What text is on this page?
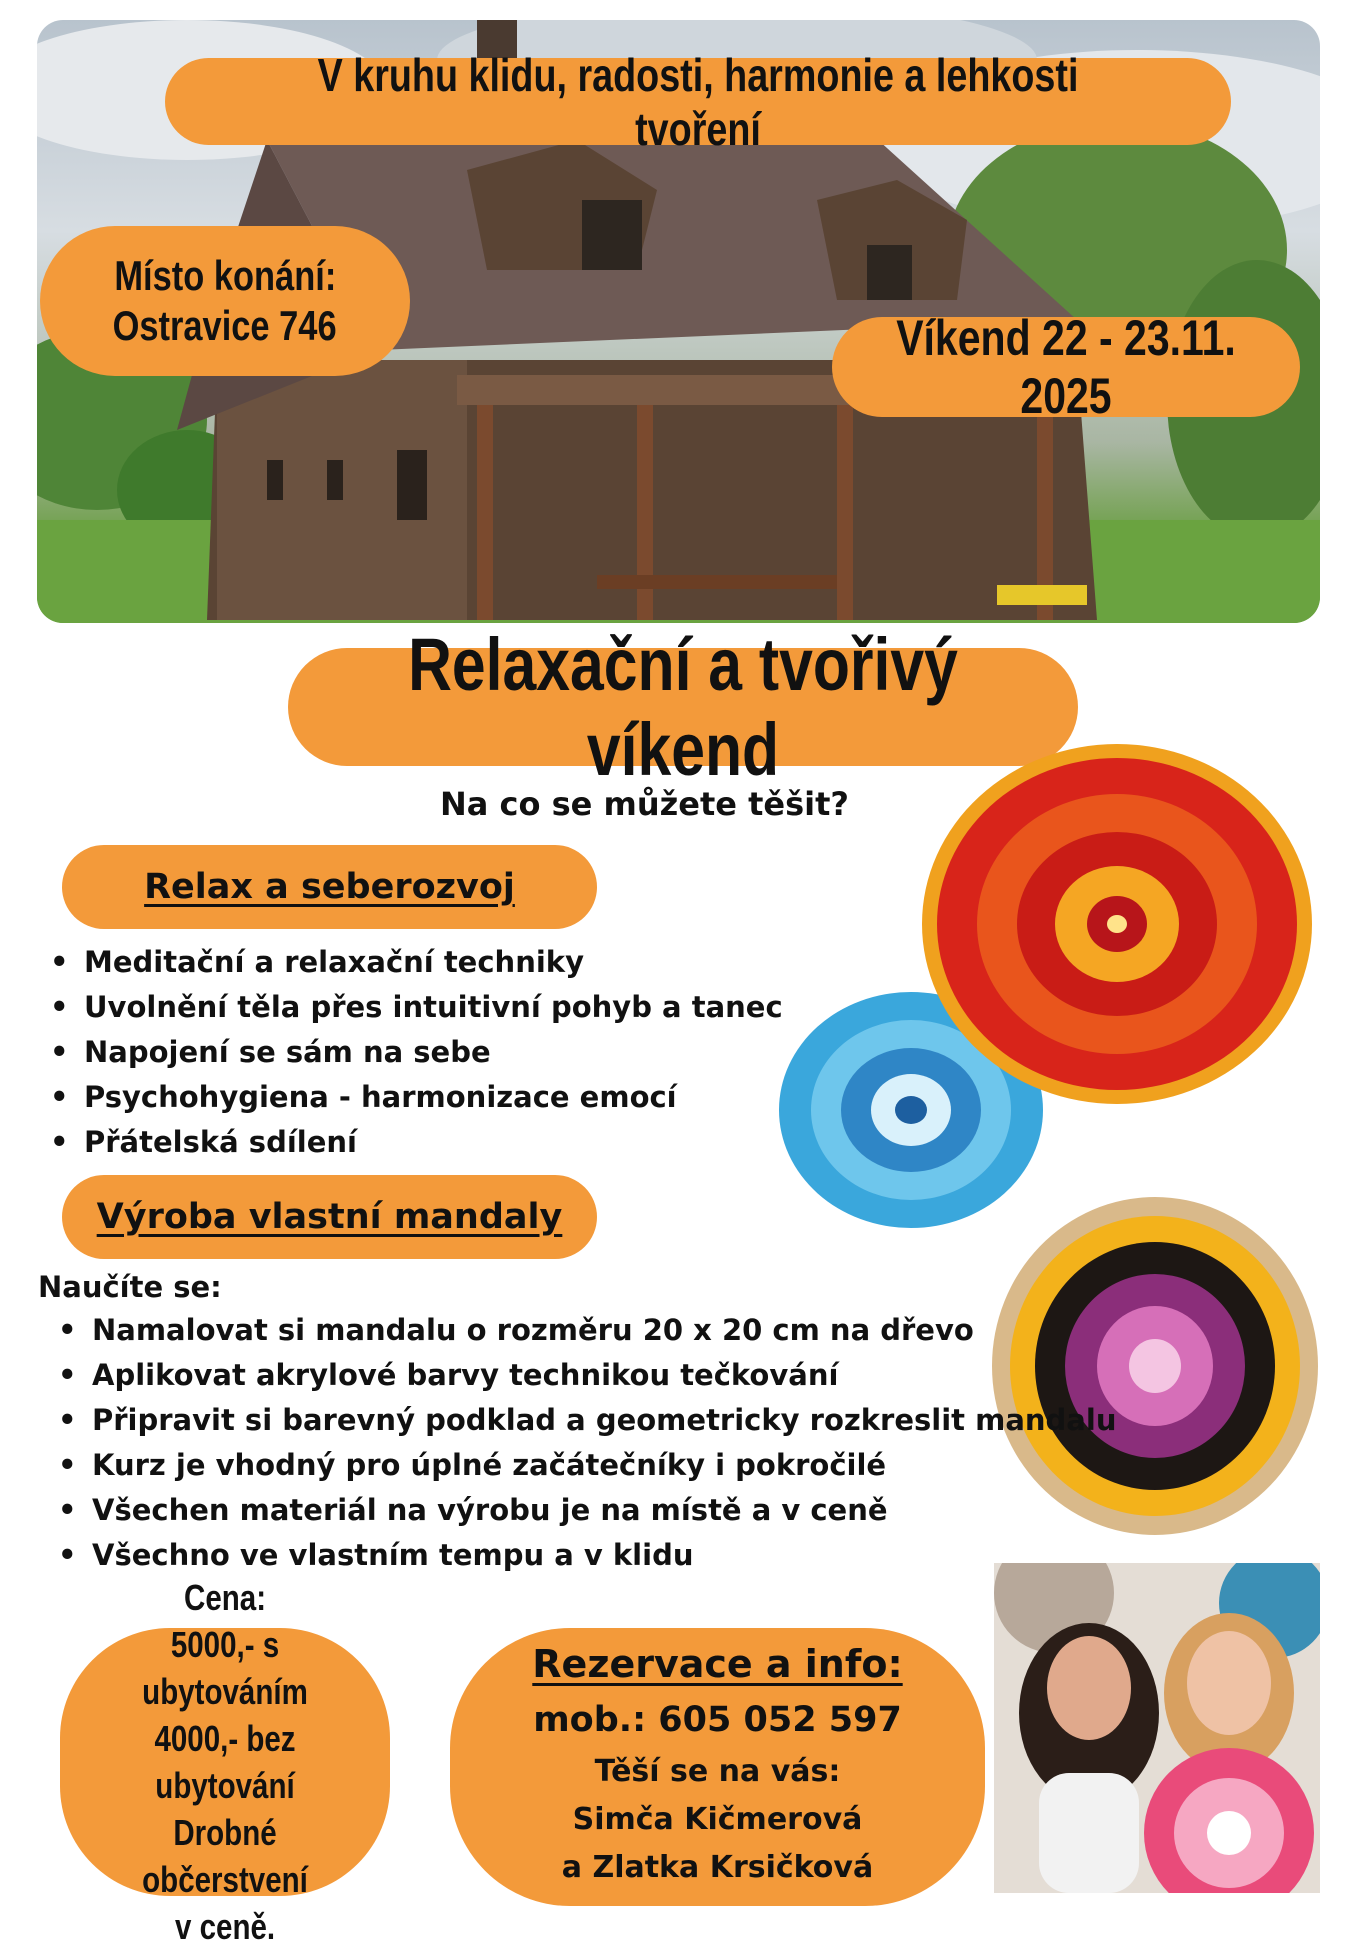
V kruhu klidu, radosti, harmonie a lehkosti tvoření
Místo konání:
Ostravice 746	Víkend 22 - 23.11. 2025
Relaxační a tvořivý víkend
Na co se můžete těšit?
Relax a seberozvoj
• Meditační a relaxační techniky
• Uvolnění těla přes intuitivní pohyb a tanec
• Napojení se sám na sebe
• Psychohygiena - harmonizace emocí
• Přátelská sdílení
Výroba vlastní mandaly
Naučíte se:
• Namalovat si mandalu o rozměru 20 x 20 cm na dřevo
• Aplikovat akrylové barvy technikou tečkování
• Připravit si barevný podklad a geometricky rozkreslit mandalu
• Kurz je vhodný pro úplné začátečníky i pokročilé
• Všechen materiál na výrobu je na místě a v ceně
• Všechno ve vlastním tempu a v klidu
Cena:
5000,- s ubytováním
4000,- bez ubytování
Drobné občerstvení
v ceně.
Rezervace a info:
mob.: 605 052 597
Těší se na vás:
Simča Kičmerová
a Zlatka Krsičková
